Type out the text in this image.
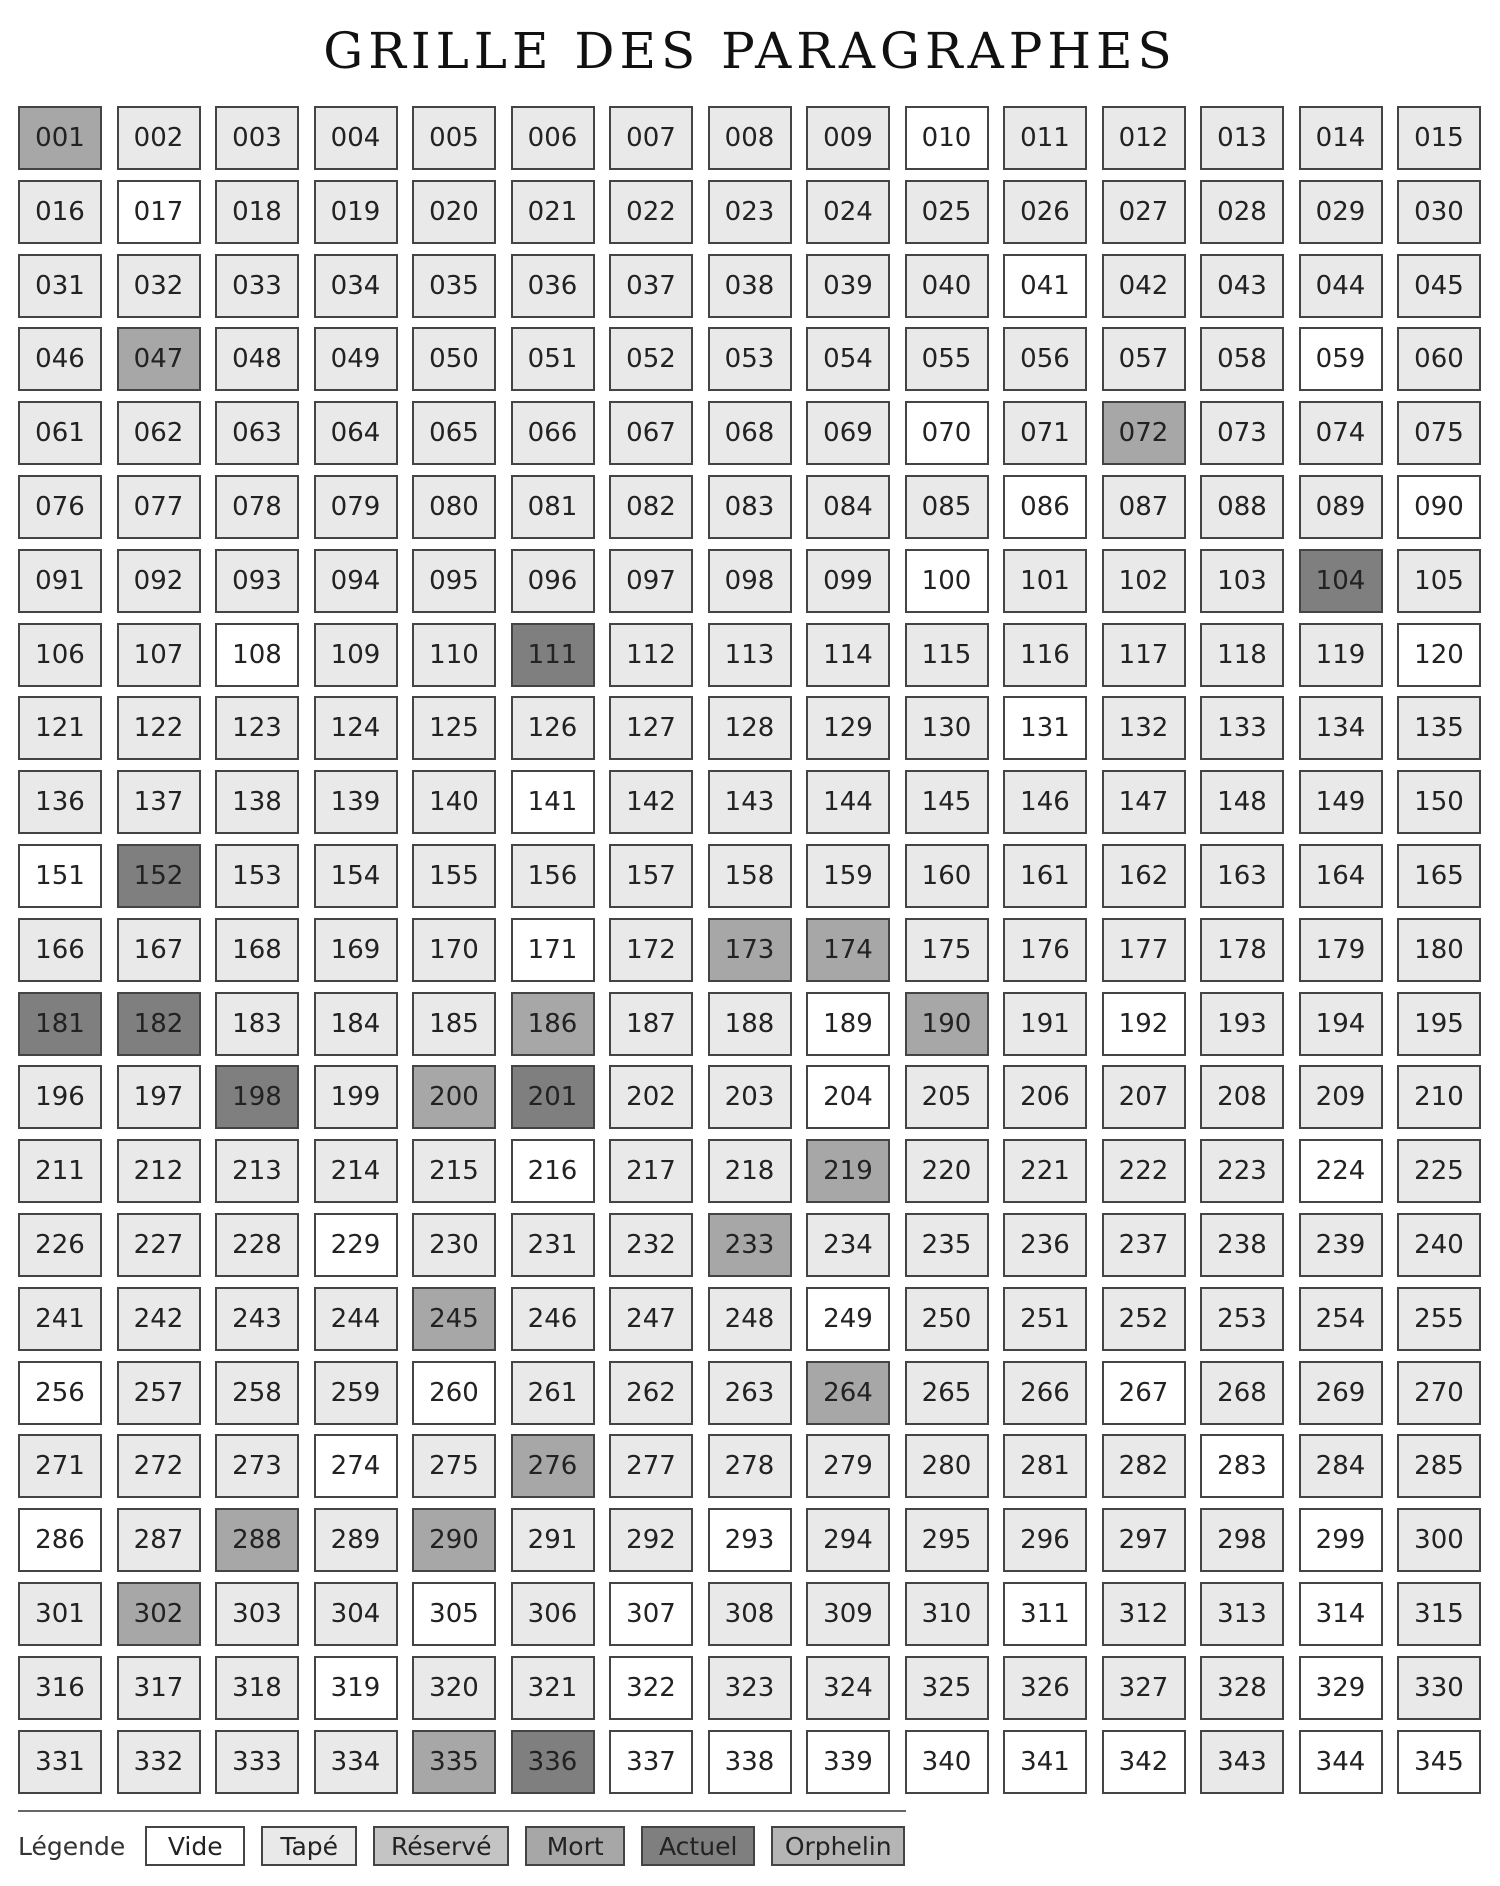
GRILLE DES PARAGRAPHES
001	002	003	004	005	006	007	008	009	010	011	012	013	014	015
016	017	018	019	020	021	022	023	024	025	026	027	028	029	030
031	032	033	034	035	036	037	038	039	040	041	042	043	044	045
046	047	048	049	050	051	052	053	054	055	056	057	058	059	060
061	062	063	064	065	066	067	068	069	070	071	072	073	074	075
076	077	078	079	080	081	082	083	084	085	086	087	088	089	090
091	092	093	094	095	096	097	098	099	100	101	102	103	104	105
106	107	108	109	110	111	112	113	114	115	116	117	118	119	120
121	122	123	124	125	126	127	128	129	130	131	132	133	134	135
136	137	138	139	140	141	142	143	144	145	146	147	148	149	150
151	152	153	154	155	156	157	158	159	160	161	162	163	164	165
166	167	168	169	170	171	172	173	174	175	176	177	178	179	180
181	182	183	184	185	186	187	188	189	190	191	192	193	194	195
196	197	198	199	200	201	202	203	204	205	206	207	208	209	210
211	212	213	214	215	216	217	218	219	220	221	222	223	224	225
226	227	228	229	230	231	232	233	234	235	236	237	238	239	240
241	242	243	244	245	246	247	248	249	250	251	252	253	254	255
256	257	258	259	260	261	262	263	264	265	266	267	268	269	270
271	272	273	274	275	276	277	278	279	280	281	282	283	284	285
286	287	288	289	290	291	292	293	294	295	296	297	298	299	300
301	302	303	304	305	306	307	308	309	310	311	312	313	314	315
316	317	318	319	320	321	322	323	324	325	326	327	328	329	330
331	332	333	334	335	336	337	338	339	340	341	342	343	344	345
Légende	Vide	Tapé	Réservé	Mort	Actuel	Orphelin
